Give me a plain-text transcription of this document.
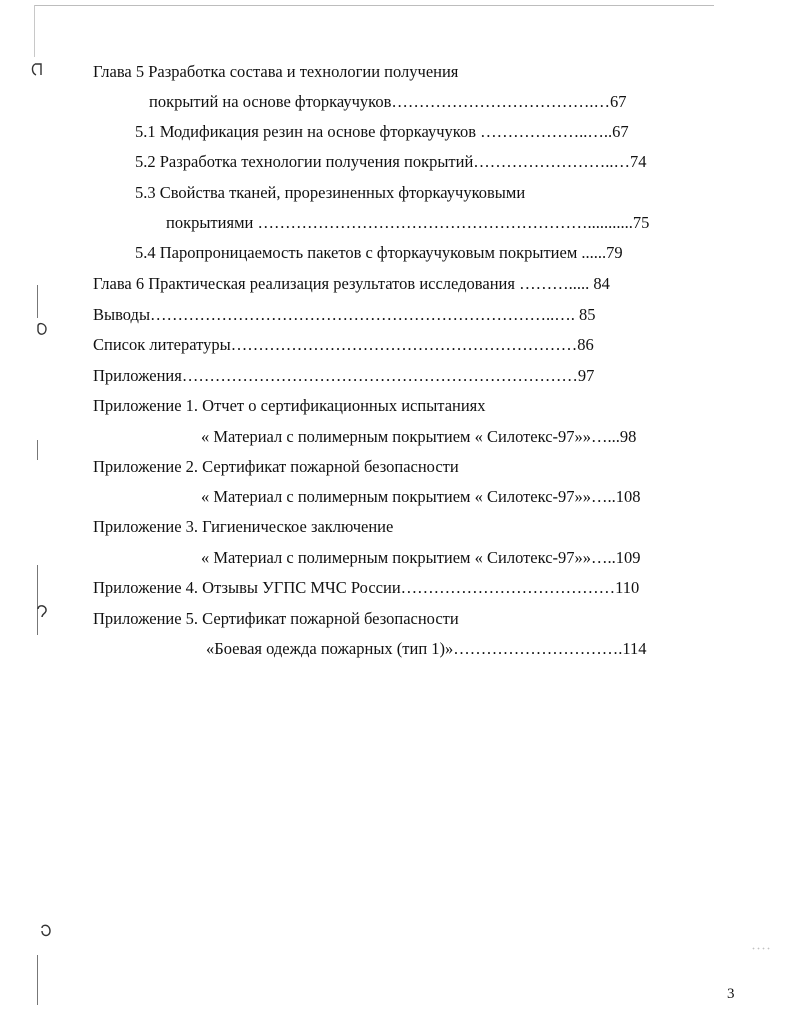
Глава 5 Разработка состава и технологии получения
покрытий на основе фторкаучуков……………………………….…67
5.1 Модификация резин на основе фторкаучуков ………………..…..67
5.2 Разработка технологии получения покрытий……………………..…74
5.3 Свойства тканей, прорезиненных фторкаучуковыми
покрытиями ……………………………………………………...........75
5.4 Паропроницаемость пакетов с фторкаучуковым покрытием ......79
Глава 6 Практическая реализация результатов исследования ………..... 84
Выводы………………………………………………………………..…. 85
Список литературы………………………………………………………86
Приложения………………………………………………………………97
Приложение 1. Отчет о сертификационных испытаниях
« Материал с полимерным покрытием « Силотекс-97»»…...98
Приложение 2. Сертификат пожарной безопасности
« Материал с полимерным покрытием « Силотекс-97»»…..108
Приложение 3. Гигиеническое заключение
« Материал с полимерным покрытием « Силотекс-97»»…..109
Приложение 4. Отзывы УГПС МЧС России…………………………………110
Приложение 5. Сертификат пожарной безопасности
«Боевая одежда пожарных (тип 1)»………………………….114
3
